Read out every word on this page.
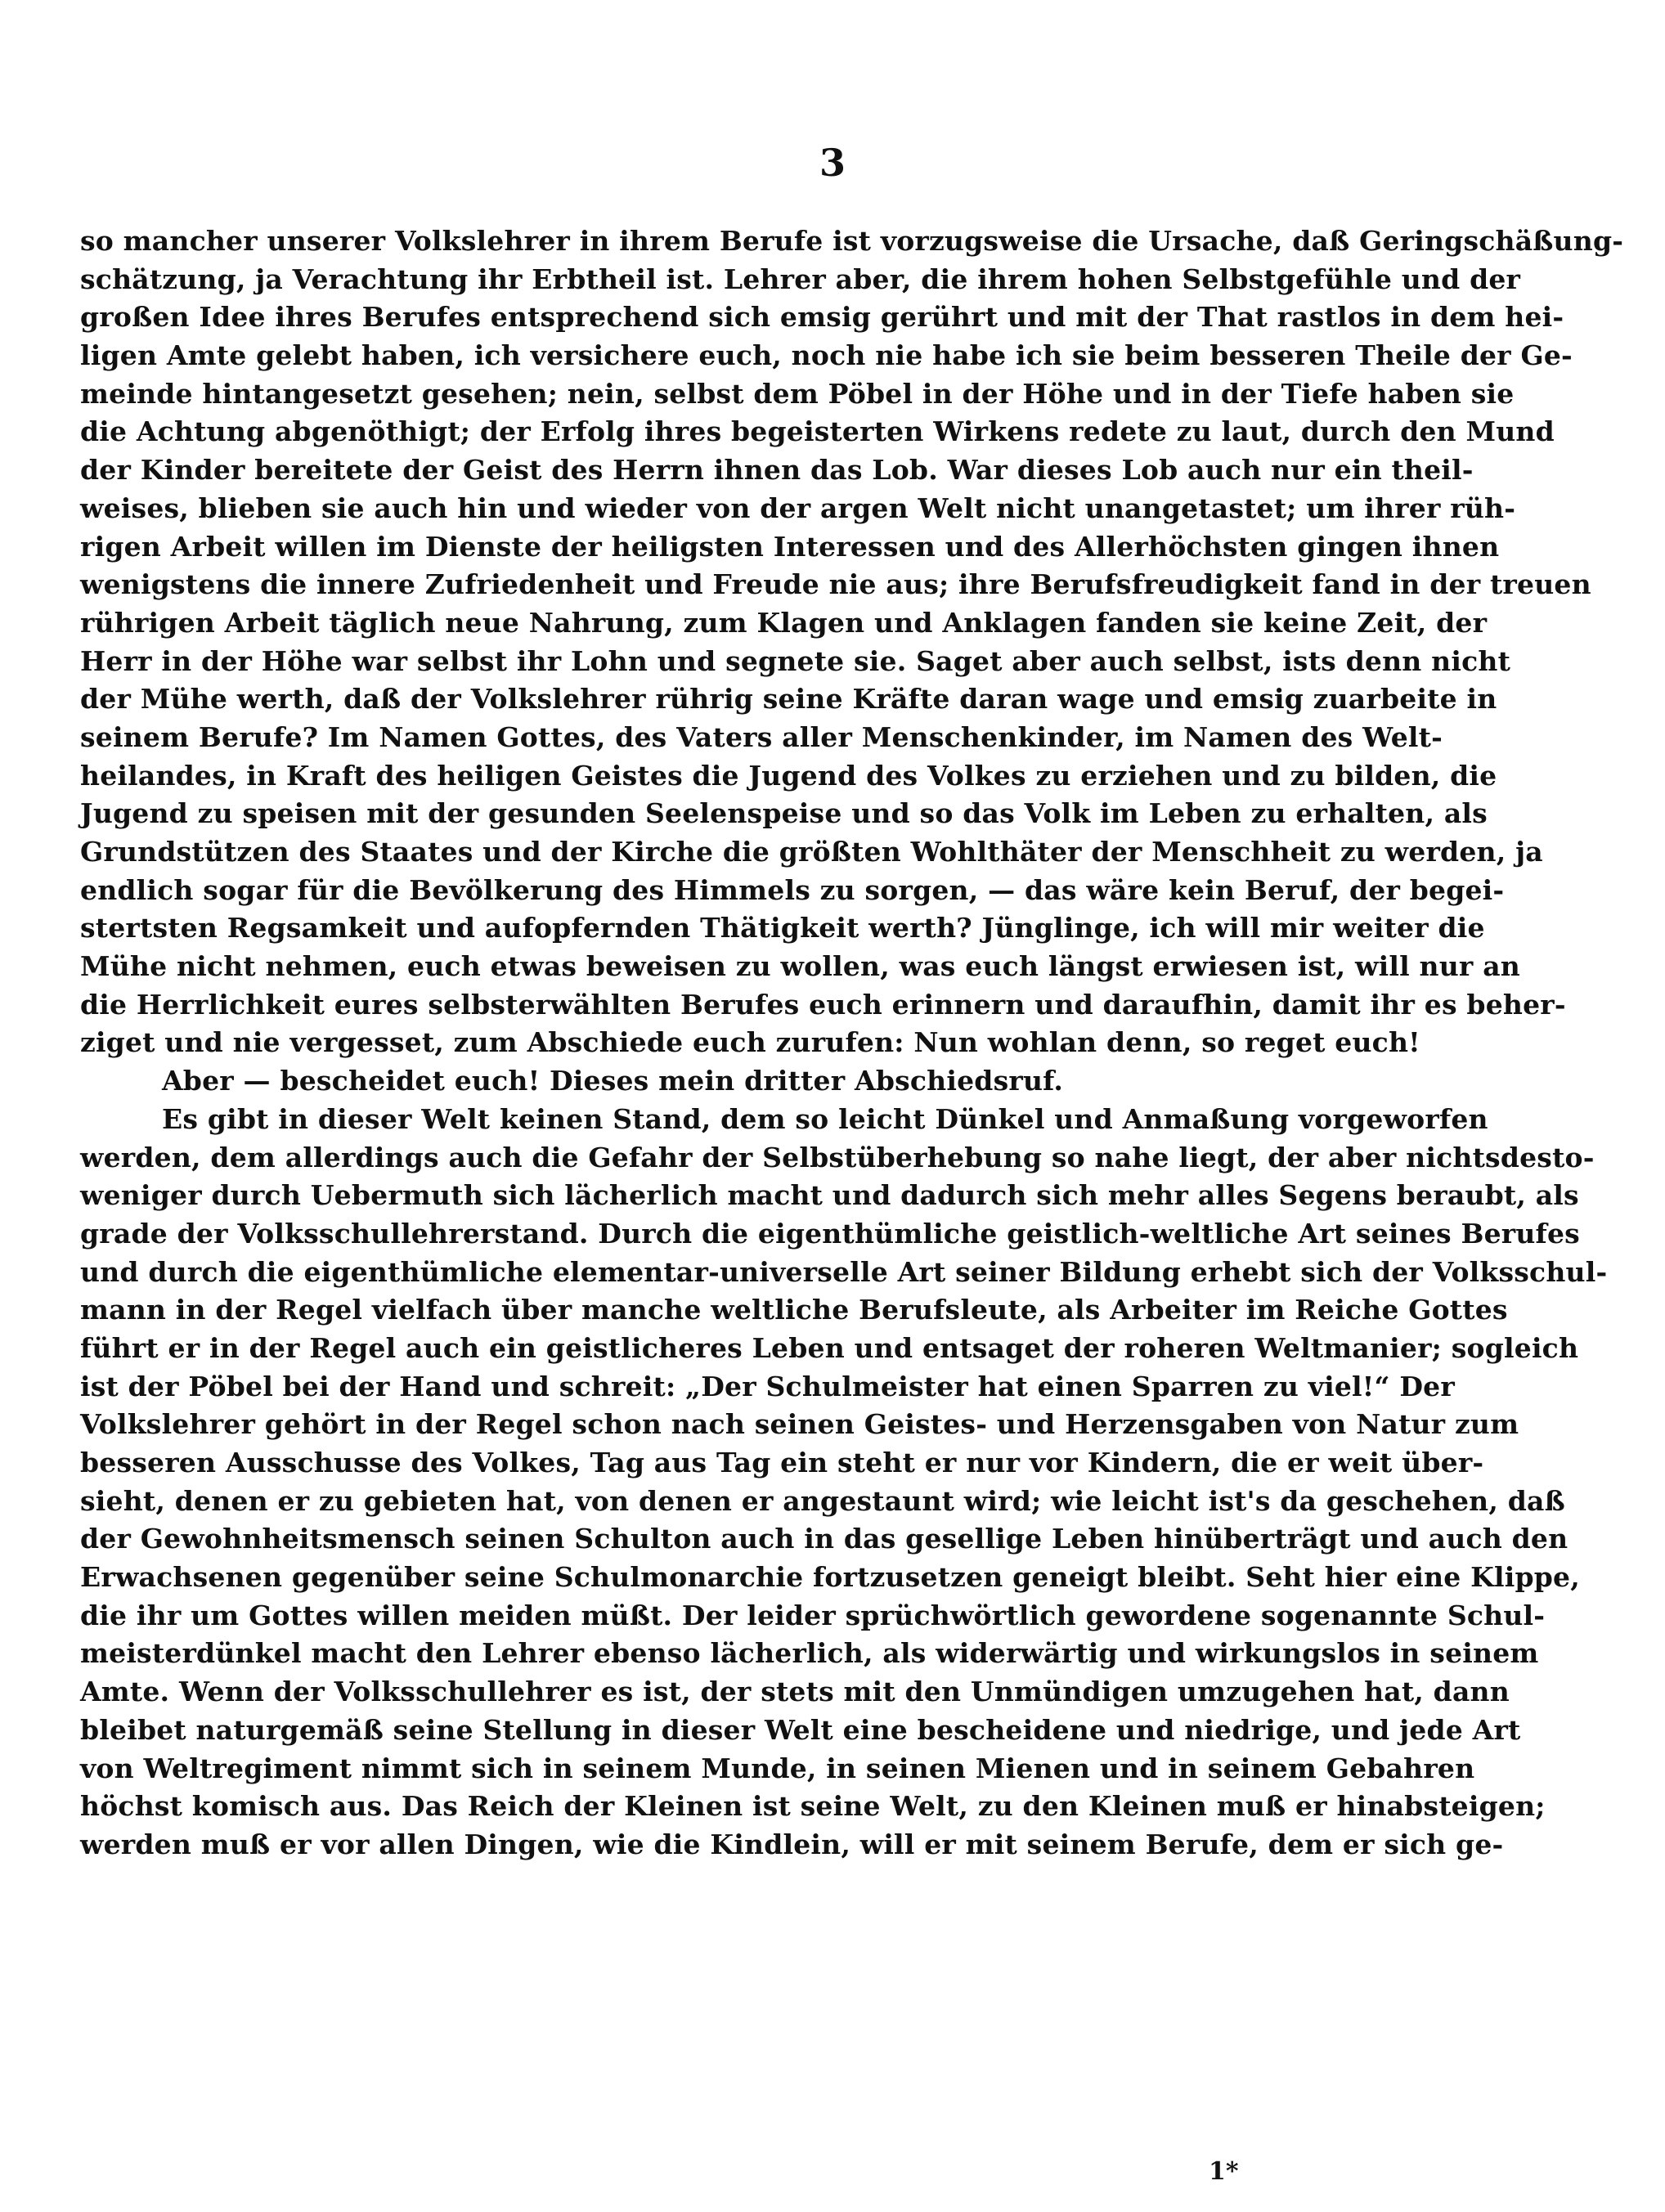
3
so mancher unserer Volkslehrer in ihrem Berufe ist vorzugsweise die Ursache, daß Geringschäßung-
schätzung, ja Verachtung ihr Erbtheil ist. Lehrer aber, die ihrem hohen Selbstgefühle und der
großen Idee ihres Berufes entsprechend sich emsig gerührt und mit der That rastlos in dem hei-
ligen Amte gelebt haben, ich versichere euch, noch nie habe ich sie beim besseren Theile der Ge-
meinde hintangesetzt gesehen; nein, selbst dem Pöbel in der Höhe und in der Tiefe haben sie
die Achtung abgenöthigt; der Erfolg ihres begeisterten Wirkens redete zu laut, durch den Mund
der Kinder bereitete der Geist des Herrn ihnen das Lob. War dieses Lob auch nur ein theil-
weises, blieben sie auch hin und wieder von der argen Welt nicht unangetastet; um ihrer rüh-
rigen Arbeit willen im Dienste der heiligsten Interessen und des Allerhöchsten gingen ihnen
wenigstens die innere Zufriedenheit und Freude nie aus; ihre Berufsfreudigkeit fand in der treuen
rührigen Arbeit täglich neue Nahrung, zum Klagen und Anklagen fanden sie keine Zeit, der
Herr in der Höhe war selbst ihr Lohn und segnete sie. Saget aber auch selbst, ists denn nicht
der Mühe werth, daß der Volkslehrer rührig seine Kräfte daran wage und emsig zuarbeite in
seinem Berufe? Im Namen Gottes, des Vaters aller Menschenkinder, im Namen des Welt-
heilandes, in Kraft des heiligen Geistes die Jugend des Volkes zu erziehen und zu bilden, die
Jugend zu speisen mit der gesunden Seelenspeise und so das Volk im Leben zu erhalten, als
Grundstützen des Staates und der Kirche die größten Wohlthäter der Menschheit zu werden, ja
endlich sogar für die Bevölkerung des Himmels zu sorgen, — das wäre kein Beruf, der begei-
stertsten Regsamkeit und aufopfernden Thätigkeit werth? Jünglinge, ich will mir weiter die
Mühe nicht nehmen, euch etwas beweisen zu wollen, was euch längst erwiesen ist, will nur an
die Herrlichkeit eures selbsterwählten Berufes euch erinnern und daraufhin, damit ihr es beher-
ziget und nie vergesset, zum Abschiede euch zurufen: Nun wohlan denn, so reget euch!
Aber — bescheidet euch! Dieses mein dritter Abschiedsruf.
Es gibt in dieser Welt keinen Stand, dem so leicht Dünkel und Anmaßung vorgeworfen
werden, dem allerdings auch die Gefahr der Selbstüberhebung so nahe liegt, der aber nichtsdesto-
weniger durch Uebermuth sich lächerlich macht und dadurch sich mehr alles Segens beraubt, als
grade der Volksschullehrerstand. Durch die eigenthümliche geistlich-weltliche Art seines Berufes
und durch die eigenthümliche elementar-universelle Art seiner Bildung erhebt sich der Volksschul-
mann in der Regel vielfach über manche weltliche Berufsleute, als Arbeiter im Reiche Gottes
führt er in der Regel auch ein geistlicheres Leben und entsaget der roheren Weltmanier; sogleich
ist der Pöbel bei der Hand und schreit: „Der Schulmeister hat einen Sparren zu viel!“ Der
Volkslehrer gehört in der Regel schon nach seinen Geistes- und Herzensgaben von Natur zum
besseren Ausschusse des Volkes, Tag aus Tag ein steht er nur vor Kindern, die er weit über-
sieht, denen er zu gebieten hat, von denen er angestaunt wird; wie leicht ist's da geschehen, daß
der Gewohnheitsmensch seinen Schulton auch in das gesellige Leben hinüberträgt und auch den
Erwachsenen gegenüber seine Schulmonarchie fortzusetzen geneigt bleibt. Seht hier eine Klippe,
die ihr um Gottes willen meiden müßt. Der leider sprüchwörtlich gewordene sogenannte Schul-
meisterdünkel macht den Lehrer ebenso lächerlich, als widerwärtig und wirkungslos in seinem
Amte. Wenn der Volksschullehrer es ist, der stets mit den Unmündigen umzugehen hat, dann
bleibet naturgemäß seine Stellung in dieser Welt eine bescheidene und niedrige, und jede Art
von Weltregiment nimmt sich in seinem Munde, in seinen Mienen und in seinem Gebahren
höchst komisch aus. Das Reich der Kleinen ist seine Welt, zu den Kleinen muß er hinabsteigen;
werden muß er vor allen Dingen, wie die Kindlein, will er mit seinem Berufe, dem er sich ge-
1*
